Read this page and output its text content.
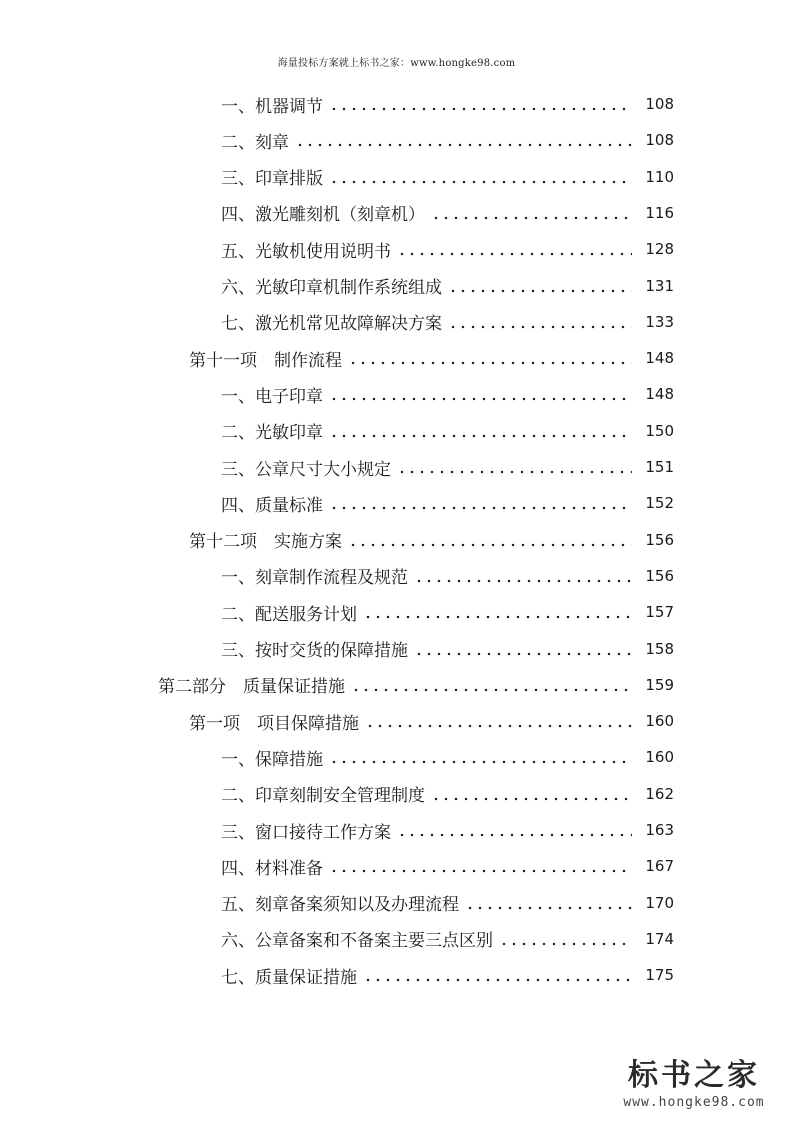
海量投标方案就上标书之家：www.hongke98.com
一、机器调节	108
二、刻章	108
三、印章排版	110
四、激光雕刻机（刻章机）	116
五、光敏机使用说明书	128
六、光敏印章机制作系统组成	131
七、激光机常见故障解决方案	133
第十一项　制作流程	148
一、电子印章	148
二、光敏印章	150
三、公章尺寸大小规定	151
四、质量标准	152
第十二项　实施方案	156
一、刻章制作流程及规范	156
二、配送服务计划	157
三、按时交货的保障措施	158
第二部分　质量保证措施	159
第一项　项目保障措施	160
一、保障措施	160
二、印章刻制安全管理制度	162
三、窗口接待工作方案	163
四、材料准备	167
五、刻章备案须知以及办理流程	170
六、公章备案和不备案主要三点区别	174
七、质量保证措施	175
标书之家
www.hongke98.com
